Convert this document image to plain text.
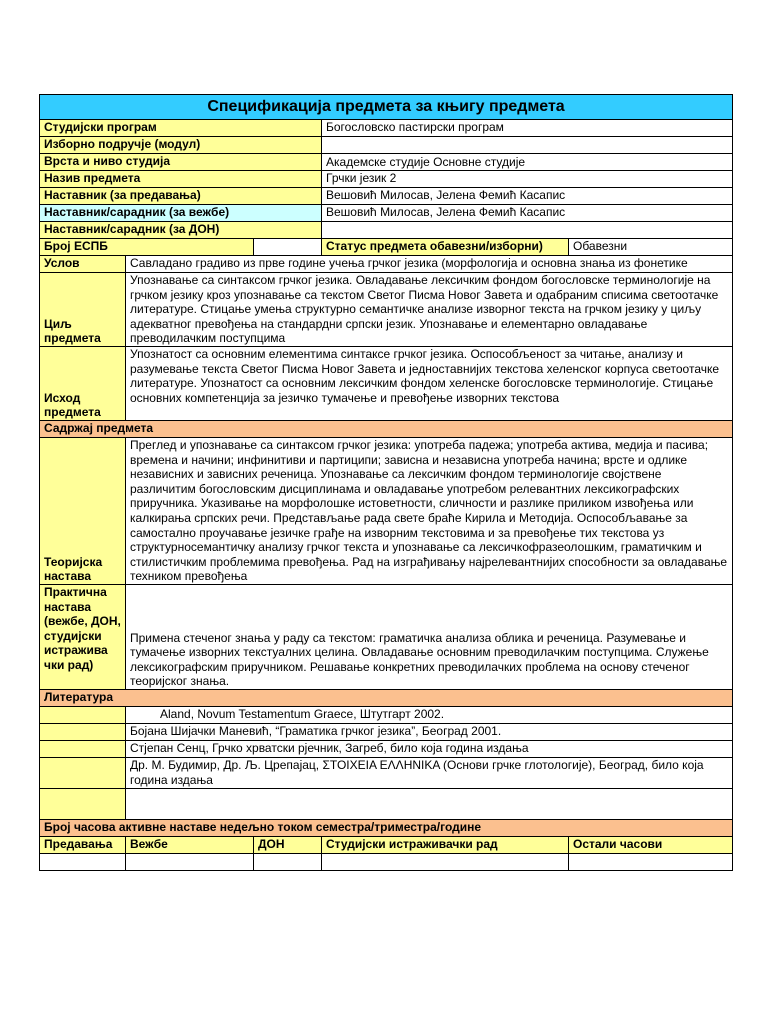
Спецификација предмета за књигу предмета				
Студијски програм			Богословско пастирски програм	
Изборно подручје (модул)				
Врста и ниво студија			Академске студије Основне студије	
Назив предмета			Грчки језик 2	
Наставник (за предавања)			Вешовић Милосав, Јелена Фемић Касапис	
Наставник/сарадник (за вежбе)			Вешовић Милосав, Јелена Фемић Касапис	
Наставник/сарадник (за ДОН)				
Број ЕСПБ			Статус предмета обавезни/изборни)	Обавезни
Услов	Савладано градиво из прве године учења грчког језика (морфологија и основна знања из фонетике			
Циљ предмета	Упознавање са синтаксом грчког језика. Овладавање лексичким фондом богословске терминологије на грчком језику кроз упознавање са текстом Светог Писма Новог Завета и одабраним списима светоотачке литературе. Стицање умења структурно семантичке анализе изворног текста на грчком језику у циљу адекватног превођења на стандардни српски језик. Упознавање и елементарно овладавање преводилачким поступцима			
Исход предмета	Упознатост са основним елементима синтаксе грчког језика. Оспособљеност за читање, анализу и разумевање текста Светог Писма Новог Завета и једноставнијих текстова хеленског корпуса светоотачке литературе. Упознатост са основним лексичким фондом хеленске богословске терминологије. Стицање основних компетенција за језичко тумачење и превођење изворних текстова			
Садржај предмета				
Теоријска настава	Преглед и упознавање са синтаксом грчког језика: употреба падежа; употреба актива, медија и пасива; времена и начини; инфинитиви и партиципи; зависна и независна употреба начина; врсте и одлике независних и зависних реченица. Упознавање са лексичким фондом терминологије својствене различитим богословским дисциплинама и овладавање употребом релевантних лексикографских приручника. Указивање на морфолошке истоветности, сличности и разлике приликом извођења или калкирања српских речи. Представљање рада свете браће Кирила и Методија. Оспособљавање за самостално проучавање језичке грађе на изворним текстовима и за превођење тих текстова уз структурносемантичку анализу грчког текста и упознавање са лексичкофразеолошким, граматичким и стилистичким проблемима превођења. Рад на изграђивању најрелевантнијих способности за овладавање техником превођења			
Практична настава (вежбе, ДОН, студијски истражива чки рад)	Примена стеченог знања у раду са текстом: граматичка анализа облика и реченица. Разумевање и тумачење изворних текстуалних целина. Овладавање основним преводилачким поступцима. Служење лексикографским приручником. Решавање конкретних преводилачких проблема на основу стеченог теоријског знања.			
Литература				
	Aland, Novum Testamentum Graece, Штутгарт 2002.			
	Бојана Шијачки Маневић, “Граматика грчког језика”, Београд 2001.			
	Стјепан Сенц, Грчко хрватски рјечник, Загреб, било која година издања			
	Др. М. Будимир, Др. Љ. Црепајац, ΣΤΟΙΧΕΙΑ ΕΛΛΗΝΙΚΑ (Основи грчке глотологије), Београд, било која година издања			

Број часова активне наставе недељно током семестра/триместра/године				
Предавања	Вежбе	ДОН	Студијски истраживачки рад	Остали часови
